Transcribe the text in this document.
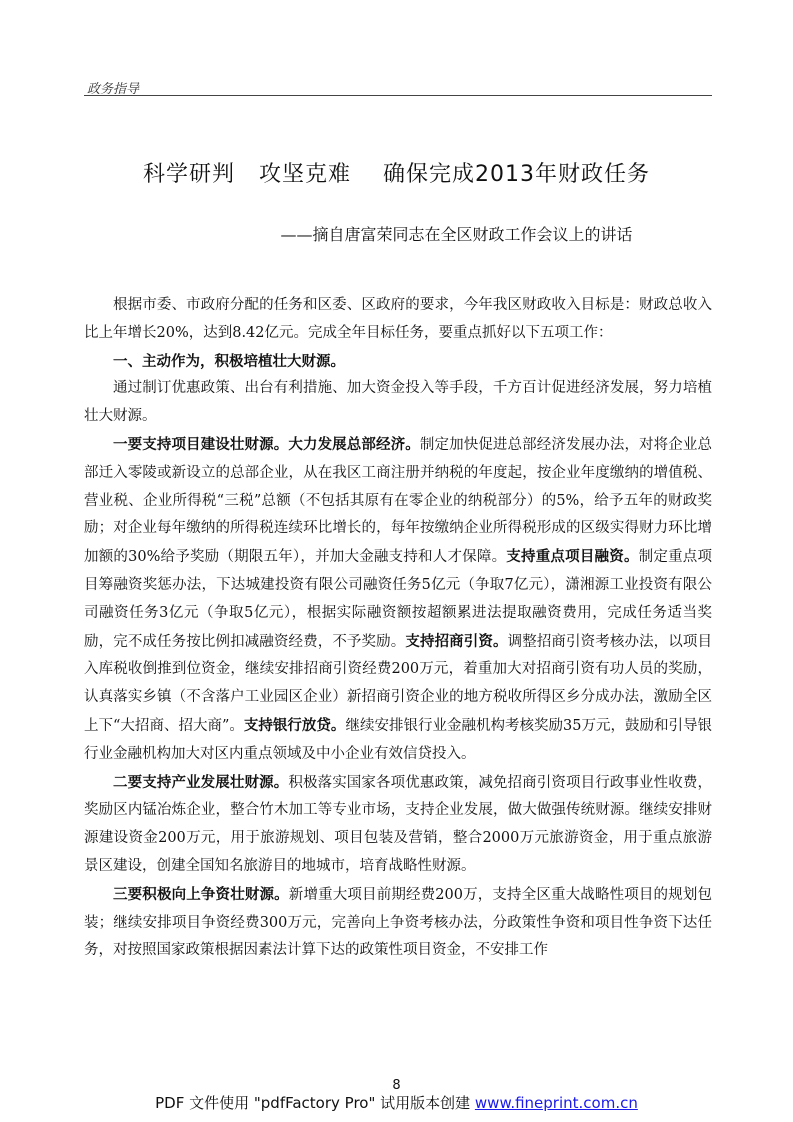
政务指导
科学研判   攻坚克难    确保完成2013年财政任务
——摘自唐富荣同志在全区财政工作会议上的讲话

根据市委、市政府分配的任务和区委、区政府的要求，今年我区财政收入目标是：财政总收入比上年增长20%，达到8.42亿元。完成全年目标任务，要重点抓好以下五项工作：

一、主动作为，积极培植壮大财源。

通过制订优惠政策、出台有利措施、加大资金投入等手段，千方百计促进经济发展，努力培植壮大财源。

一要支持项目建设壮财源。大力发展总部经济。制定加快促进总部经济发展办法，对将企业总部迁入零陵或新设立的总部企业，从在我区工商注册并纳税的年度起，按企业年度缴纳的增值税、营业税、企业所得税“三税”总额（不包括其原有在零企业的纳税部分）的5%，给予五年的财政奖励；对企业每年缴纳的所得税连续环比增长的，每年按缴纳企业所得税形成的区级实得财力环比增加额的30%给予奖励（期限五年），并加大金融支持和人才保障。支持重点项目融资。制定重点项目筹融资奖惩办法，下达城建投资有限公司融资任务5亿元（争取7亿元），潇湘源工业投资有限公司融资任务3亿元（争取5亿元），根据实际融资额按超额累进法提取融资费用，完成任务适当奖励，完不成任务按比例扣减融资经费，不予奖励。支持招商引资。调整招商引资考核办法，以项目入库税收倒推到位资金，继续安排招商引资经费200万元，着重加大对招商引资有功人员的奖励，认真落实乡镇（不含落户工业园区企业）新招商引资企业的地方税收所得区乡分成办法，激励全区上下“大招商、招大商”。支持银行放贷。继续安排银行业金融机构考核奖励35万元，鼓励和引导银行业金融机构加大对区内重点领域及中小企业有效信贷投入。

二要支持产业发展壮财源。积极落实国家各项优惠政策，减免招商引资项目行政事业性收费，奖励区内锰冶炼企业，整合竹木加工等专业市场，支持企业发展，做大做强传统财源。继续安排财源建设资金200万元，用于旅游规划、项目包装及营销，整合2000万元旅游资金，用于重点旅游景区建设，创建全国知名旅游目的地城市，培育战略性财源。

三要积极向上争资壮财源。新增重大项目前期经费200万，支持全区重大战略性项目的规划包装；继续安排项目争资经费300万元，完善向上争资考核办法，分政策性争资和项目性争资下达任务，对按照国家政策根据因素法计算下达的政策性项目资金，不安排工作

8
PDF 文件使用 "pdfFactory Pro" 试用版本创建 www.fineprint.com.cn
